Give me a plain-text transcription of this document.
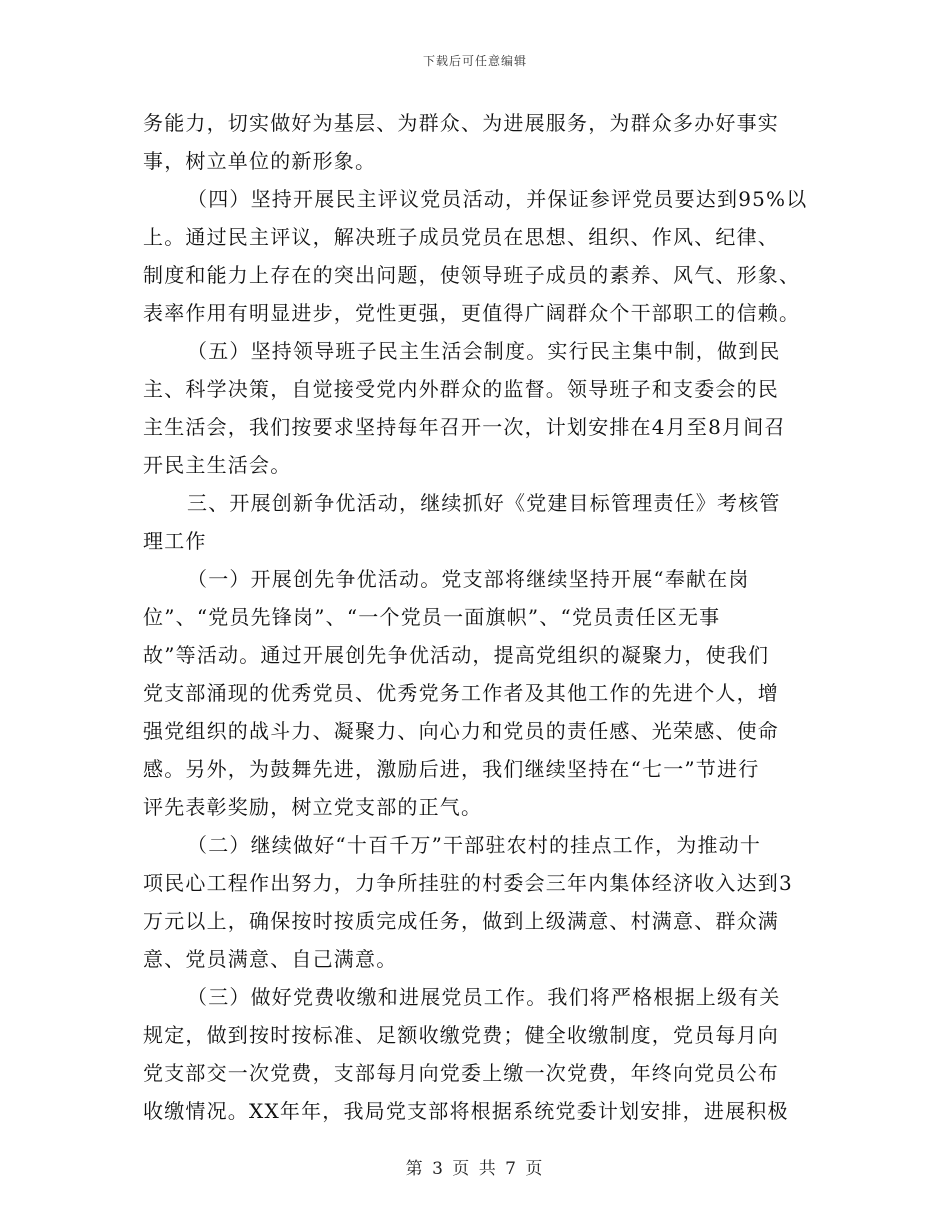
下载后可任意编辑
务能力，切实做好为基层、为群众、为进展服务，为群众多办好事实
事，树立单位的新形象。
（四）坚持开展民主评议党员活动，并保证参评党员要达到95%以
上。通过民主评议，解决班子成员党员在思想、组织、作风、纪律、
制度和能力上存在的突出问题，使领导班子成员的素养、风气、形象、
表率作用有明显进步，党性更强，更值得广阔群众个干部职工的信赖。
（五）坚持领导班子民主生活会制度。实行民主集中制，做到民
主、科学决策，自觉接受党内外群众的监督。领导班子和支委会的民
主生活会，我们按要求坚持每年召开一次，计划安排在4月至8月间召
开民主生活会。
三、开展创新争优活动，继续抓好《党建目标管理责任》考核管
理工作
（一）开展创先争优活动。党支部将继续坚持开展“奉献在岗
位”、“党员先锋岗”、“一个党员一面旗帜”、“党员责任区无事
故”等活动。通过开展创先争优活动，提高党组织的凝聚力，使我们
党支部涌现的优秀党员、优秀党务工作者及其他工作的先进个人，增
强党组织的战斗力、凝聚力、向心力和党员的责任感、光荣感、使命
感。另外，为鼓舞先进，激励后进，我们继续坚持在“七一”节进行
评先表彰奖励，树立党支部的正气。
（二）继续做好“十百千万”干部驻农村的挂点工作，为推动十
项民心工程作出努力，力争所挂驻的村委会三年内集体经济收入达到3
万元以上，确保按时按质完成任务，做到上级满意、村满意、群众满
意、党员满意、自己满意。
（三）做好党费收缴和进展党员工作。我们将严格根据上级有关
规定，做到按时按标准、足额收缴党费；健全收缴制度，党员每月向
党支部交一次党费，支部每月向党委上缴一次党费，年终向党员公布
收缴情况。XX年年，我局党支部将根据系统党委计划安排，进展积极
第 3 页 共 7 页
